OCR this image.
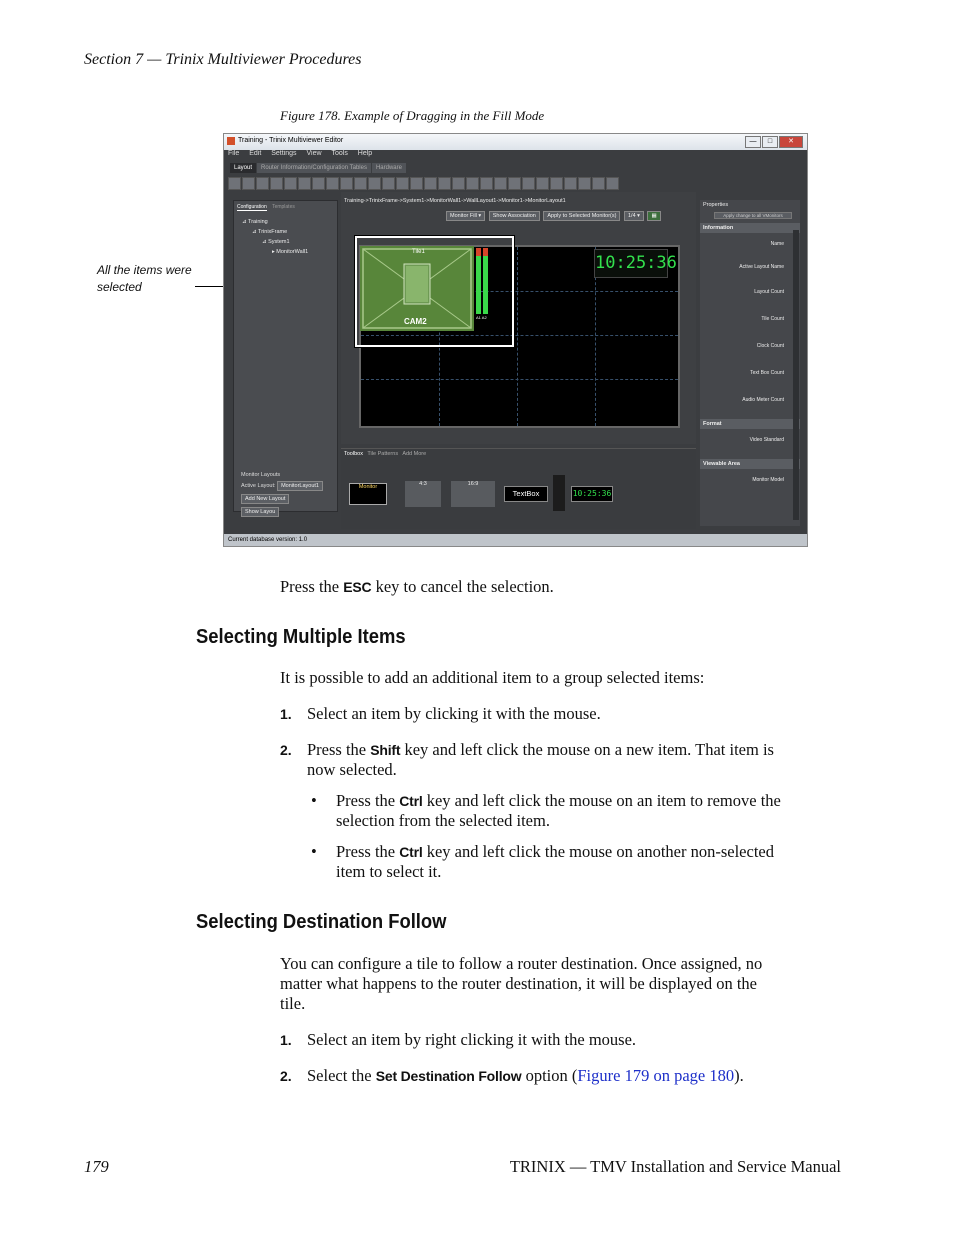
Section 7 — Trinix Multiviewer Procedures
Figure 178. Example of Dragging in the Fill Mode
All the items were selected
Training - Trinix Multiviewer Editor	— □ ✕
File Edit Settings View Tools Help
Layout Router Information/Configuration Tables Hardware
Configuration Templates
⊿ Training
⊿ TrinixFrame
⊿ System1
▸ MonitorWall1
Monitor Layouts
Active Layout: MonitorLayout1
Add New Layout Show Layou
Training->TrinixFrame->System1->MonitorWall1->WallLayout1->Monitor1->MonitorLayout1
Monitor Fill ▾ Show Association Apply to Selected Monitor(s) 1/4 ▾ ▦
Tile1
CAM2	A1 A2
10:25:36
Toolbox Tile Patterns Add More
Monitor	4:3	16:9
TextBox	10:25:36
Properties
Apply change to all VMonitors
Information
Name
Active Layout Name
Layout Count
Tile Count
Clock Count
Text Box Count
Audio Meter Count
Format
Video Standard
Viewable Area
Monitor Model
Current database version: 1.0
Press the ESC key to cancel the selection.
Selecting Multiple Items
It is possible to add an additional item to a group selected items:
1. Select an item by clicking it with the mouse.
2. Press the Shift key and left click the mouse on a new item. That item is
now selected.
• Press the Ctrl key and left click the mouse on an item to remove the
selection from the selected item.
• Press the Ctrl key and left click the mouse on another non-selected
item to select it.
Selecting Destination Follow
You can configure a tile to follow a router destination. Once assigned, no
matter what happens to the router destination, it will be displayed on the
tile.
1. Select an item by right clicking it with the mouse.
2. Select the Set Destination Follow option (Figure 179 on page 180).
179	TRINIX — TMV Installation and Service Manual
